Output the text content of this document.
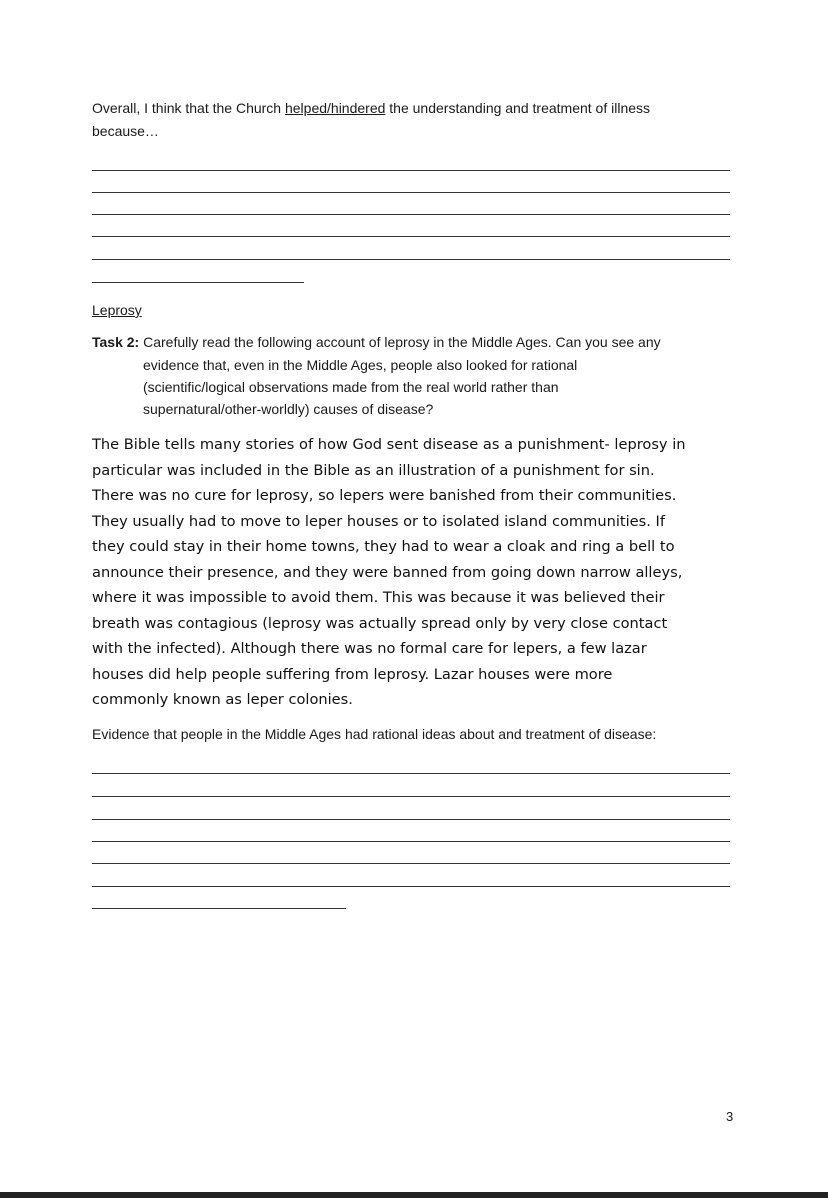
Overall, I think that the Church helped/hindered the understanding and treatment of illness
because…
Leprosy
Task 2: Carefully read the following account of leprosy in the Middle Ages. Can you see any
evidence that, even in the Middle Ages, people also looked for rational
(scientific/logical observations made from the real world rather than
supernatural/other-worldly) causes of disease?
The Bible tells many stories of how God sent disease as a punishment- leprosy in
particular was included in the Bible as an illustration of a punishment for sin.
There was no cure for leprosy, so lepers were banished from their communities.
They usually had to move to leper houses or to isolated island communities. If
they could stay in their home towns, they had to wear a cloak and ring a bell to
announce their presence, and they were banned from going down narrow alleys,
where it was impossible to avoid them. This was because it was believed their
breath was contagious (leprosy was actually spread only by very close contact
with the infected). Although there was no formal care for lepers, a few lazar
houses did help people suffering from leprosy. Lazar houses were more
commonly known as leper colonies.
Evidence that people in the Middle Ages had rational ideas about and treatment of disease:
3
